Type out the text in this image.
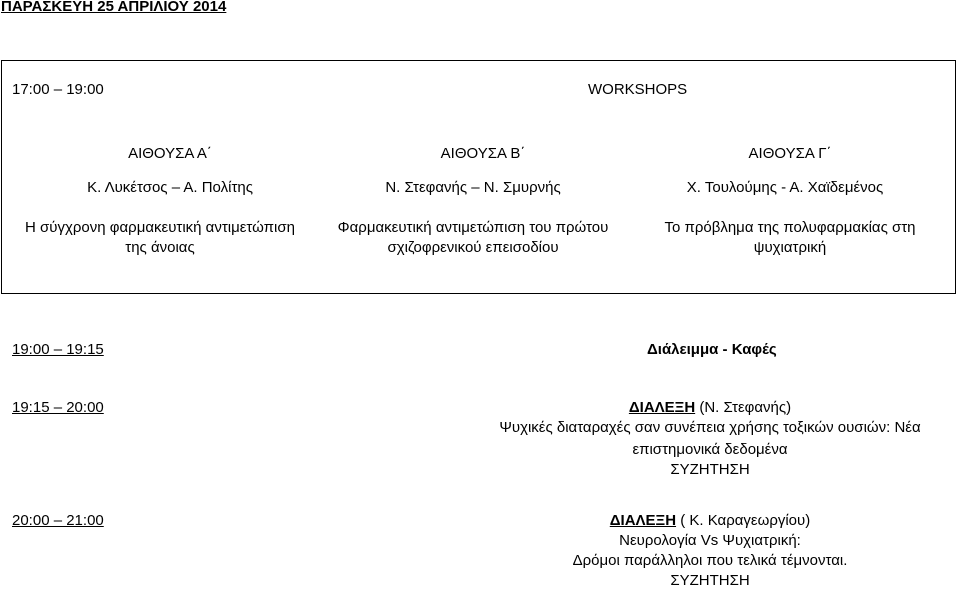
ΠΑΡΑΣΚΕΥΗ 25 ΑΠΡΙΛΙΟΥ 2014
17:00 – 19:00	WORKSHOPS
ΑΙΘΟΥΣΑ Α΄
Κ. Λυκέτσος – Α. Πολίτης
Η σύγχρονη φαρμακευτική αντιμετώπιση
της άνοιας
ΑΙΘΟΥΣΑ Β΄
Ν. Στεφανής – Ν. Σμυρνής
Φαρμακευτική αντιμετώπιση του πρώτου
σχιζοφρενικού επεισοδίου
ΑΙΘΟΥΣΑ Γ΄
Χ. Τουλούμης - Α. Χαϊδεμένος
Το πρόβλημα της πολυφαρμακίας στη
ψυχιατρική
19:00 – 19:15	Διάλειμμα - Καφές
19:15 – 20:00	ΔΙΑΛΕΞΗ (Ν. Στεφανής)
Ψυχικές διαταραχές σαν συνέπεια χρήσης τοξικών ουσιών: Νέα
επιστημονικά δεδομένα
ΣΥΖΗΤΗΣΗ
20:00 – 21:00	ΔΙΑΛΕΞΗ ( Κ. Καραγεωργίου)
Νευρολογία Vs Ψυχιατρική:
Δρόμοι παράλληλοι που τελικά τέμνονται.
ΣΥΖΗΤΗΣΗ
